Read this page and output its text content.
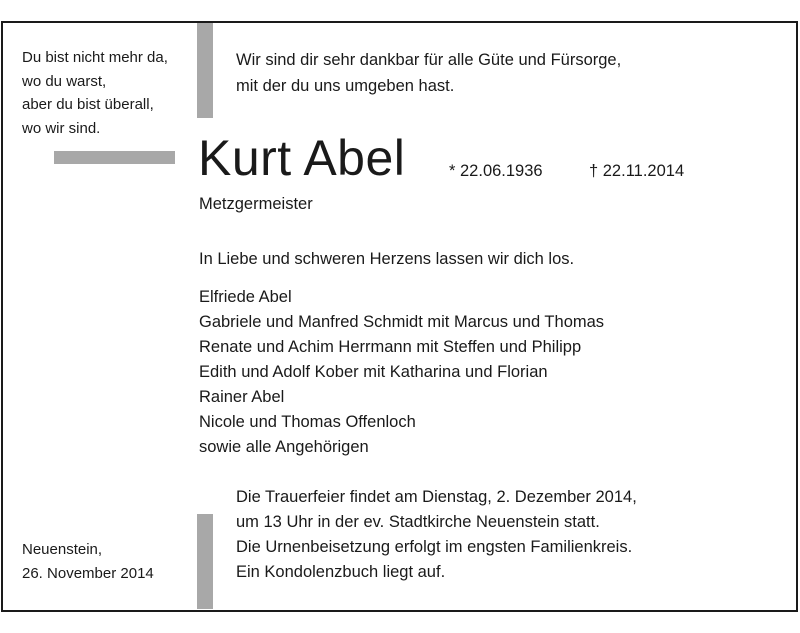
Du bist nicht mehr da,
wo du warst,
aber du bist überall,
wo wir sind.
Wir sind dir sehr dankbar für alle Güte und Fürsorge,
mit der du uns umgeben hast.
Kurt Abel	* 22.06.1936	† 22.11.2014
Metzgermeister
In Liebe und schweren Herzens lassen wir dich los.
Elfriede Abel
Gabriele und Manfred Schmidt mit Marcus und Thomas
Renate und Achim Herrmann mit Steffen und Philipp
Edith und Adolf Kober mit Katharina und Florian
Rainer Abel
Nicole und Thomas Offenloch
sowie alle Angehörigen
Neuenstein,
26. November 2014
Die Trauerfeier findet am Dienstag, 2. Dezember 2014,
um 13 Uhr in der ev. Stadtkirche Neuenstein statt.
Die Urnenbeisetzung erfolgt im engsten Familienkreis.
Ein Kondolenzbuch liegt auf.
